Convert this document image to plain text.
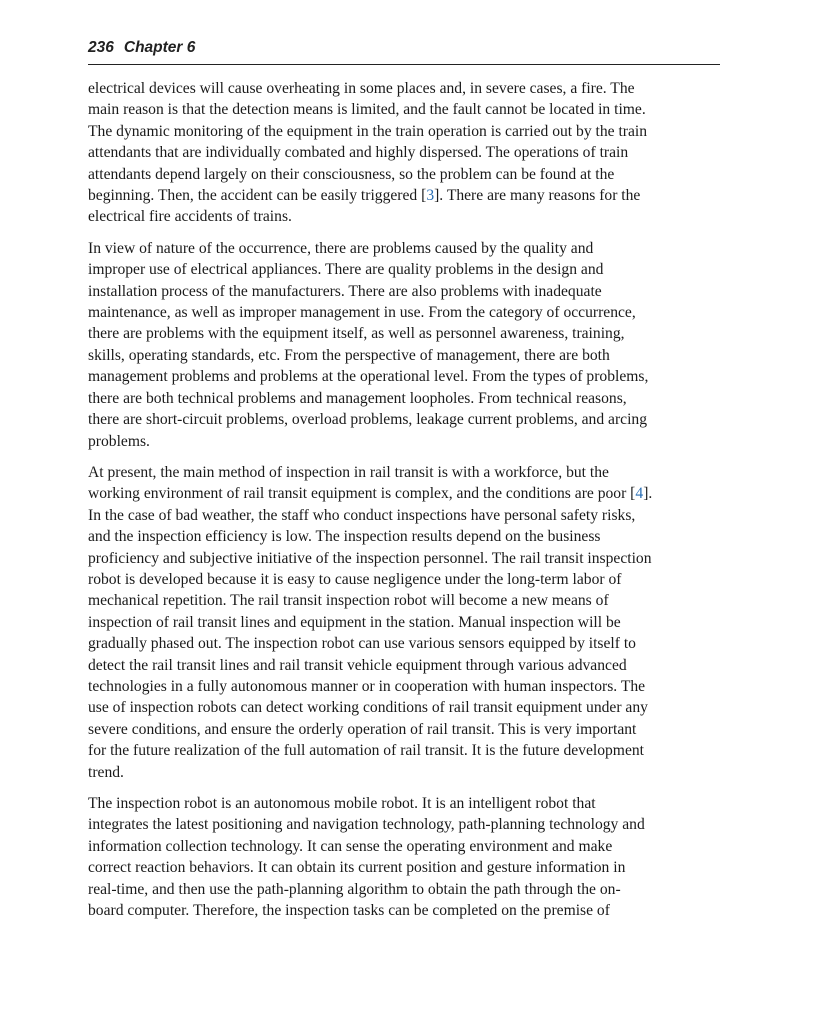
236 Chapter 6

electrical devices will cause overheating in some places and, in severe cases, a fire. The
main reason is that the detection means is limited, and the fault cannot be located in time.
The dynamic monitoring of the equipment in the train operation is carried out by the train
attendants that are individually combated and highly dispersed. The operations of train
attendants depend largely on their consciousness, so the problem can be found at the
beginning. Then, the accident can be easily triggered [3]. There are many reasons for the
electrical fire accidents of trains.

In view of nature of the occurrence, there are problems caused by the quality and
improper use of electrical appliances. There are quality problems in the design and
installation process of the manufacturers. There are also problems with inadequate
maintenance, as well as improper management in use. From the category of occurrence,
there are problems with the equipment itself, as well as personnel awareness, training,
skills, operating standards, etc. From the perspective of management, there are both
management problems and problems at the operational level. From the types of problems,
there are both technical problems and management loopholes. From technical reasons,
there are short-circuit problems, overload problems, leakage current problems, and arcing
problems.

At present, the main method of inspection in rail transit is with a workforce, but the
working environment of rail transit equipment is complex, and the conditions are poor [4].
In the case of bad weather, the staff who conduct inspections have personal safety risks,
and the inspection efficiency is low. The inspection results depend on the business
proficiency and subjective initiative of the inspection personnel. The rail transit inspection
robot is developed because it is easy to cause negligence under the long-term labor of
mechanical repetition. The rail transit inspection robot will become a new means of
inspection of rail transit lines and equipment in the station. Manual inspection will be
gradually phased out. The inspection robot can use various sensors equipped by itself to
detect the rail transit lines and rail transit vehicle equipment through various advanced
technologies in a fully autonomous manner or in cooperation with human inspectors. The
use of inspection robots can detect working conditions of rail transit equipment under any
severe conditions, and ensure the orderly operation of rail transit. This is very important
for the future realization of the full automation of rail transit. It is the future development
trend.

The inspection robot is an autonomous mobile robot. It is an intelligent robot that
integrates the latest positioning and navigation technology, path-planning technology and
information collection technology. It can sense the operating environment and make
correct reaction behaviors. It can obtain its current position and gesture information in
real-time, and then use the path-planning algorithm to obtain the path through the on-
board computer. Therefore, the inspection tasks can be completed on the premise of
